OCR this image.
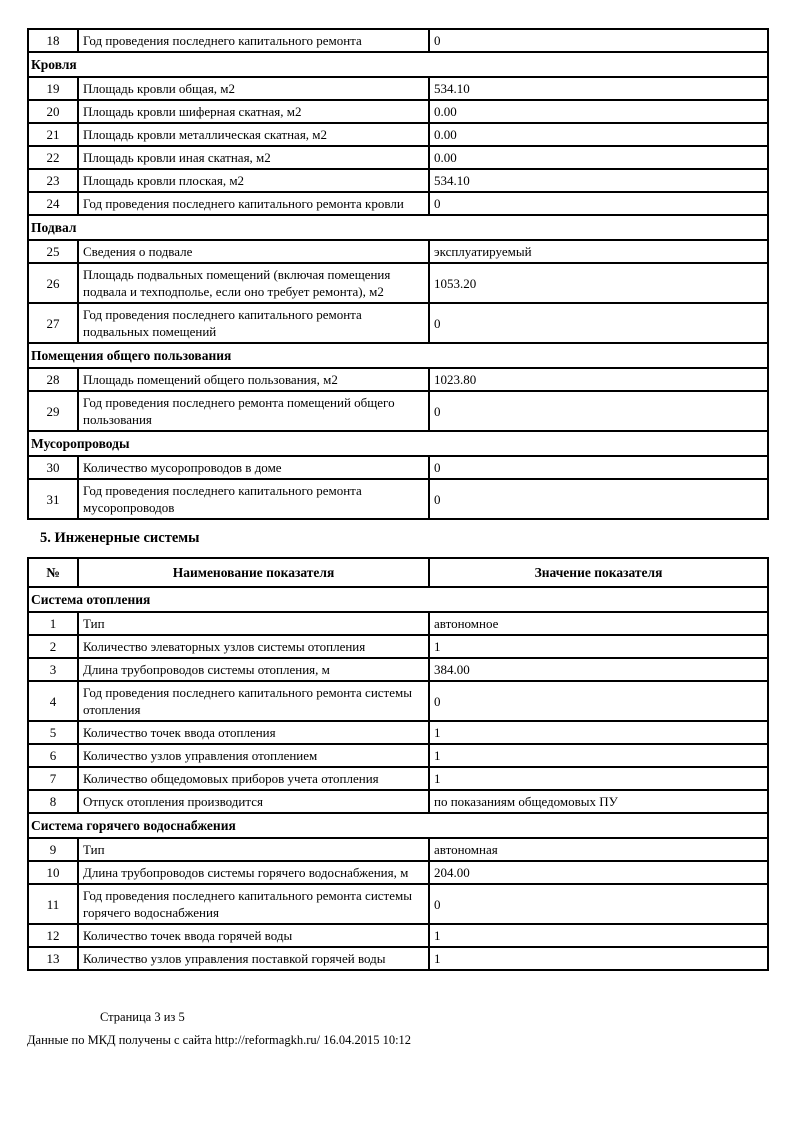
18	Год проведения последнего капитального ремонта	0
Кровля		
19	Площадь кровли общая, м2	534.10
20	Площадь кровли шиферная скатная, м2	0.00
21	Площадь кровли металлическая скатная, м2	0.00
22	Площадь кровли иная скатная, м2	0.00
23	Площадь кровли плоская, м2	534.10
24	Год проведения последнего капитального ремонта кровли	0
Подвал		
25	Сведения о подвале	эксплуатируемый
26	Площадь подвальных помещений (включая помещения подвала и техподполье, если оно требует ремонта), м2	1053.20
27	Год проведения последнего капитального ремонта подвальных помещений	0
Помещения общего пользования		
28	Площадь помещений общего пользования, м2	1023.80
29	Год проведения последнего ремонта помещений общего пользования	0
Мусоропроводы		
30	Количество мусоропроводов в доме	0
31	Год проведения последнего капитального ремонта мусоропроводов	0
5. Инженерные системы
№	Наименование показателя	Значение показателя
Система отопления		
1	Тип	автономное
2	Количество элеваторных узлов системы отопления	1
3	Длина трубопроводов системы отопления, м	384.00
4	Год проведения последнего капитального ремонта системы отопления	0
5	Количество точек ввода отопления	1
6	Количество узлов управления отоплением	1
7	Количество общедомовых приборов учета отопления	1
8	Отпуск отопления производится	по показаниям общедомовых ПУ
Система горячего водоснабжения		
9	Тип	автономная
10	Длина трубопроводов системы горячего водоснабжения, м	204.00
11	Год проведения последнего капитального ремонта системы горячего водоснабжения	0
12	Количество точек ввода горячей воды	1
13	Количество узлов управления поставкой горячей воды	1
Страница 3 из 5
Данные по МКД получены с сайта http://reformagkh.ru/ 16.04.2015 10:12
